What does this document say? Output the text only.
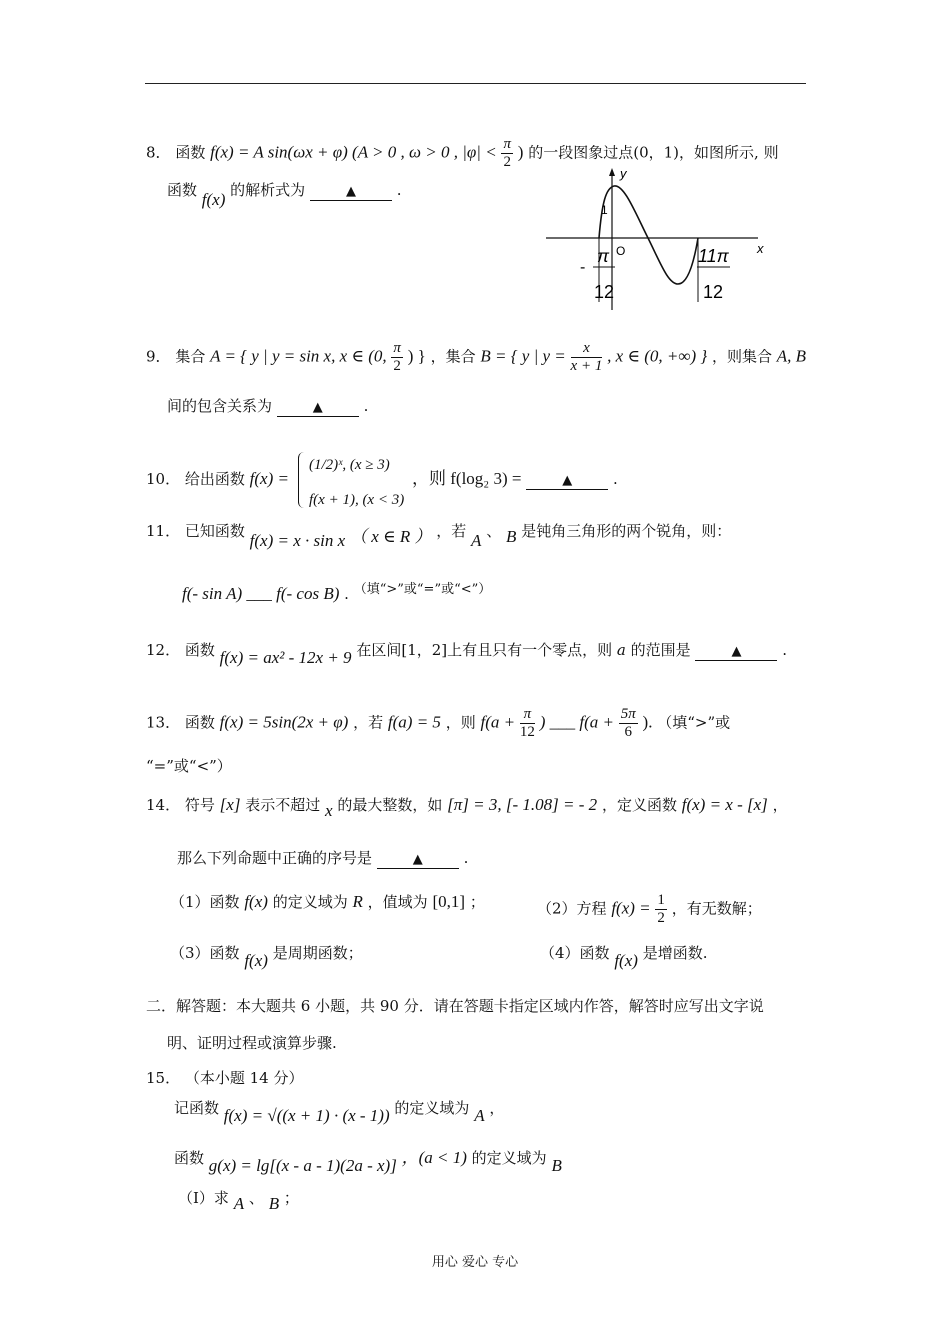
8． 函数 f(x) = A sin(ωx + φ) (A > 0 , ω > 0 , $|\varphi| < \frac{\pi}{2}$ ) 的一段图象过点(0，1)，如图所示, 则
函数 f(x) 的解析式为	▲	.
y
x
O
1
-
π
12
11π
12
9． 集合 A = { y | y = sin x, x ∈ (0, $\frac{\pi}{2}$ ) } ，集合 B = { y | $y = \frac{x}{x + 1}$ , x ∈ (0, +∞) } ，则集合 A, B
间的包含关系为	▲	.
10． 给出函数 f(x) =
(1/2)ˣ, (x ≥ 3)
f(x + 1), (x < 3)
，则 f(log₂ 3) =	▲	.
11． 已知函数 f(x) = x · sin x （ x ∈ R ） ，若 A 、 B 是钝角三角形的两个锐角，则：
f(- sin A) ___ f(- cos B) . （填“>”或“=”或“<”）
12． 函数 f(x) = ax² - 12x + 9 在区间[1，2]上有且只有一个零点，则 a 的范围是	▲	.
13． 函数 f(x) = 5sin(2x + φ) ，若 f(a) = 5 ，则 $f(a + \frac{\pi}{12}$ ) ___ $f(a + \frac{5\pi}{6}$ ). （填“>”或
“=”或“<”）
14． 符号 [x] 表示不超过 x 的最大整数，如 [π] = 3, [- 1.08] = - 2 ，定义函数 f(x) = x - [x] ，
那么下列命题中正确的序号是	▲	.
（1）函数 f(x) 的定义域为 R ，值域为 [0,1] ；	（2）方程 $f(x) = \frac{1}{2}$ ，有无数解；
（3）函数 f(x) 是周期函数；	（4）函数 f(x) 是增函数.
二．解答题：本大题共 6 小题，共 90 分．请在答题卡指定区域内作答，解答时应写出文字说
明、证明过程或演算步骤.
15． （本小题 14 分）
记函数 f(x) = √((x + 1) · (x - 1)) 的定义域为 A ，
函数 g(x) = lg[(x - a - 1)(2a - x)] ，(a < 1) 的定义域为 B
（Ⅰ）求 A 、 B ；
用心 爱心 专心
